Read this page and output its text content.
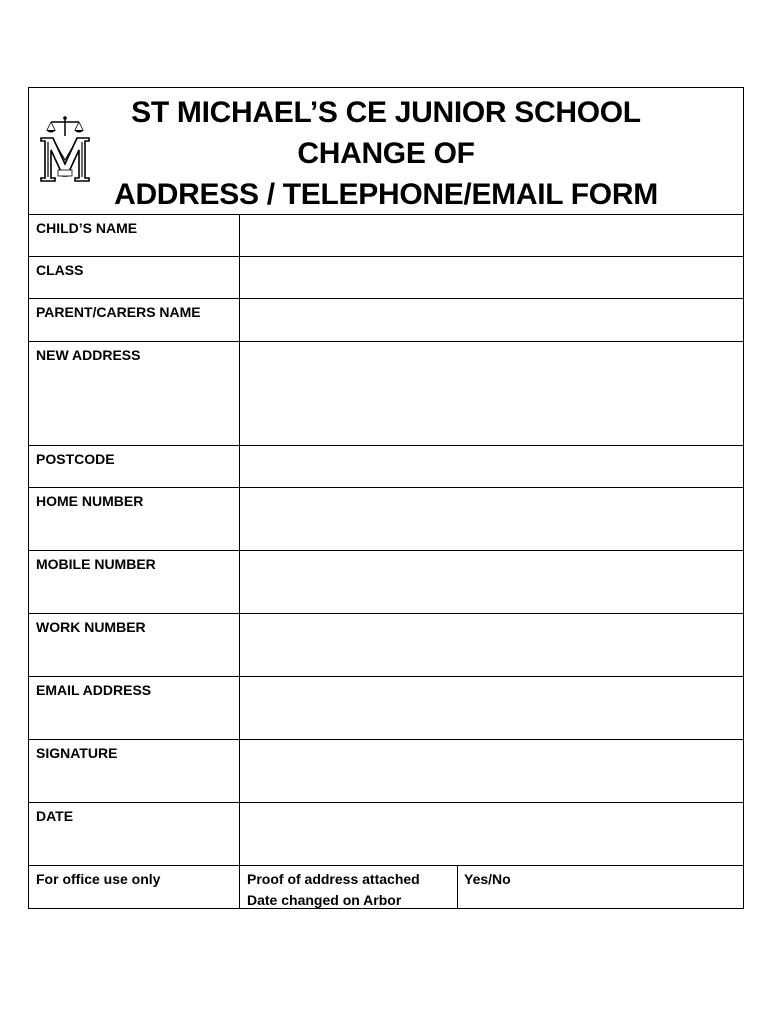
ST MICHAEL’S CE JUNIOR SCHOOL
CHANGE OF
ADDRESS / TELEPHONE/EMAIL FORM
CHILD’S NAME
CLASS
PARENT/CARERS NAME
NEW ADDRESS
POSTCODE
HOME NUMBER
MOBILE NUMBER
WORK NUMBER
EMAIL ADDRESS
SIGNATURE
DATE
For office use only	Proof of address attached
Date changed on Arbor
Yes/No
